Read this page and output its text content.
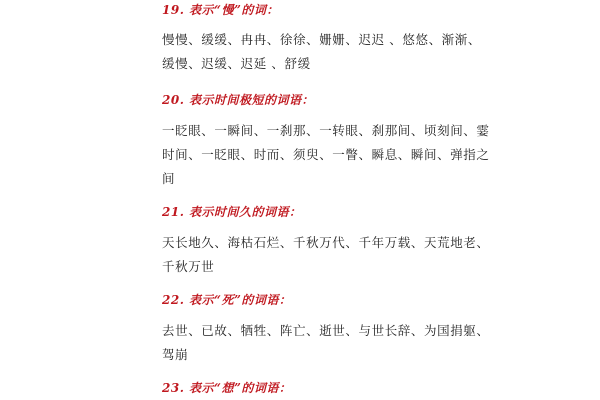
19. 表示“慢”的词：
慢慢、缓缓、冉冉、徐徐、姗姗、迟迟 、悠悠、渐渐、
缓慢、迟缓、迟延 、舒缓
20. 表示时间极短的词语：
一眨眼、一瞬间、一刹那、一转眼、刹那间、顷刻间、霎
时间、一眨眼、时而、须臾、一瞥、瞬息、瞬间、弹指之
间
21. 表示时间久的词语：
天长地久、海枯石烂、千秋万代、千年万载、天荒地老、
千秋万世
22. 表示“死”的词语：
去世、已故、牺牲、阵亡、逝世、与世长辞、为国捐躯、
驾崩
23. 表示“想”的词语：
